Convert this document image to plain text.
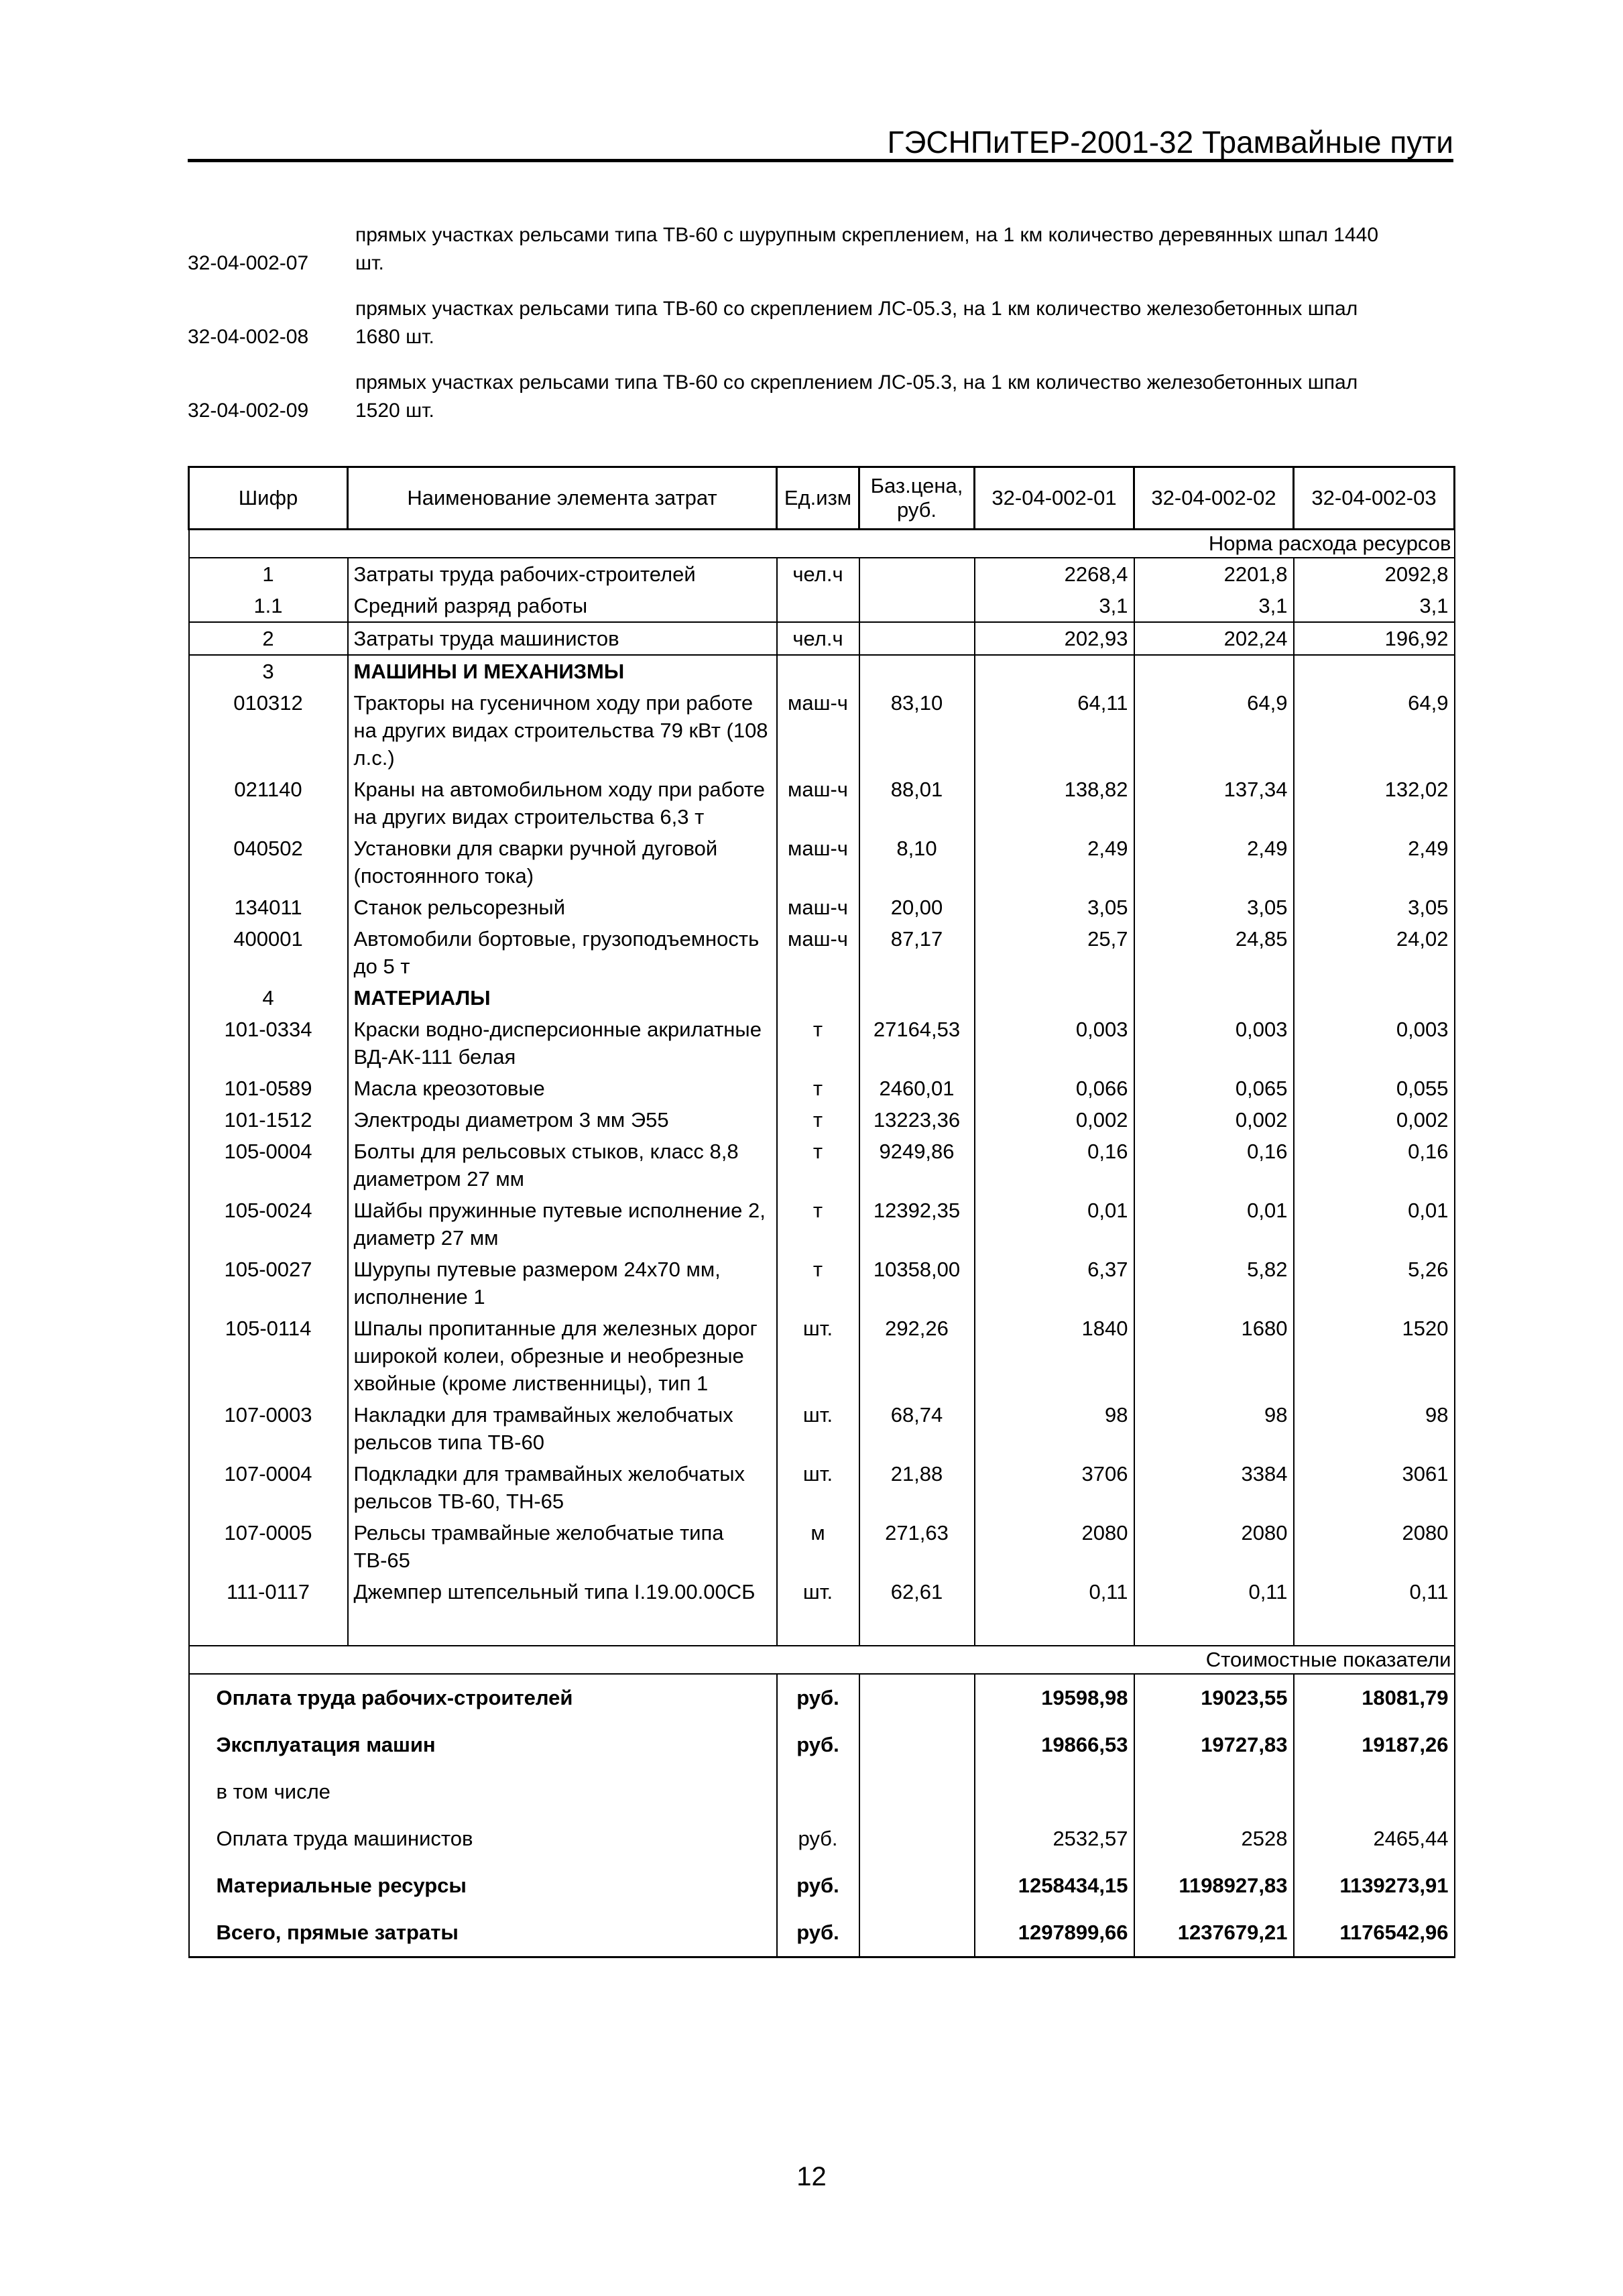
ГЭСНПиТЕР-2001-32 Трамвайные пути
32-04-002-07
прямых участках рельсами типа ТВ-60 с шурупным скреплением, на 1 км количество деревянных шпал 1440
шт.
32-04-002-08
прямых участках рельсами типа ТВ-60 со скреплением ЛС-05.3, на 1 км количество железобетонных шпал
1680 шт.
32-04-002-09
прямых участках рельсами типа ТВ-60 со скреплением ЛС-05.3, на 1 км количество железобетонных шпал
1520 шт.
Шифр	Наименование элемента затрат	Ед.изм	Баз.цена, руб.	32-04-002-01	32-04-002-02	32-04-002-03
Норма расхода ресурсов						
1	Затраты труда рабочих-строителей	чел.ч		2268,4	2201,8	2092,8
1.1	Средний разряд работы			3,1	3,1	3,1
2	Затраты труда машинистов	чел.ч		202,93	202,24	196,92
3	МАШИНЫ И МЕХАНИЗМЫ					
010312	Тракторы на гусеничном ходу при работе на других видах строительства 79 кВт (108 л.с.)	маш-ч	83,10	64,11	64,9	64,9
021140	Краны на автомобильном ходу при работе на других видах строительства 6,3 т	маш-ч	88,01	138,82	137,34	132,02
040502	Установки для сварки ручной дуговой (постоянного тока)	маш-ч	8,10	2,49	2,49	2,49
134011	Станок рельсорезный	маш-ч	20,00	3,05	3,05	3,05
400001	Автомобили бортовые, грузоподъемность до 5 т	маш-ч	87,17	25,7	24,85	24,02
4	МАТЕРИАЛЫ					
101-0334	Краски водно-дисперсионные акрилатные ВД-АК-111 белая	т	27164,53	0,003	0,003	0,003
101-0589	Масла креозотовые	т	2460,01	0,066	0,065	0,055
101-1512	Электроды диаметром 3 мм Э55	т	13223,36	0,002	0,002	0,002
105-0004	Болты для рельсовых стыков, класс 8,8 диаметром 27 мм	т	9249,86	0,16	0,16	0,16
105-0024	Шайбы пружинные путевые исполнение 2, диаметр 27 мм	т	12392,35	0,01	0,01	0,01
105-0027	Шурупы путевые размером 24х70 мм, исполнение 1	т	10358,00	6,37	5,82	5,26
105-0114	Шпалы пропитанные для железных дорог широкой колеи, обрезные и необрезные хвойные (кроме лиственницы), тип 1	шт.	292,26	1840	1680	1520
107-0003	Накладки для трамвайных желобчатых рельсов типа ТВ-60	шт.	68,74	98	98	98
107-0004	Подкладки для трамвайных желобчатых рельсов ТВ-60, ТН-65	шт.	21,88	3706	3384	3061
107-0005	Рельсы трамвайные желобчатые типа ТВ-65	м	271,63	2080	2080	2080
111-0117	Джемпер штепсельный типа I.19.00.00СБ	шт.	62,61	0,11	0,11	0,11

Стоимостные показатели						
Оплата труда рабочих-строителей		руб.		19598,98	19023,55	18081,79
Эксплуатация машин		руб.		19866,53	19727,83	19187,26
в том числе						
Оплата труда машинистов		руб.		2532,57	2528	2465,44
Материальные ресурсы		руб.		1258434,15	1198927,83	1139273,91
Всего, прямые затраты		руб.		1297899,66	1237679,21	1176542,96
12
